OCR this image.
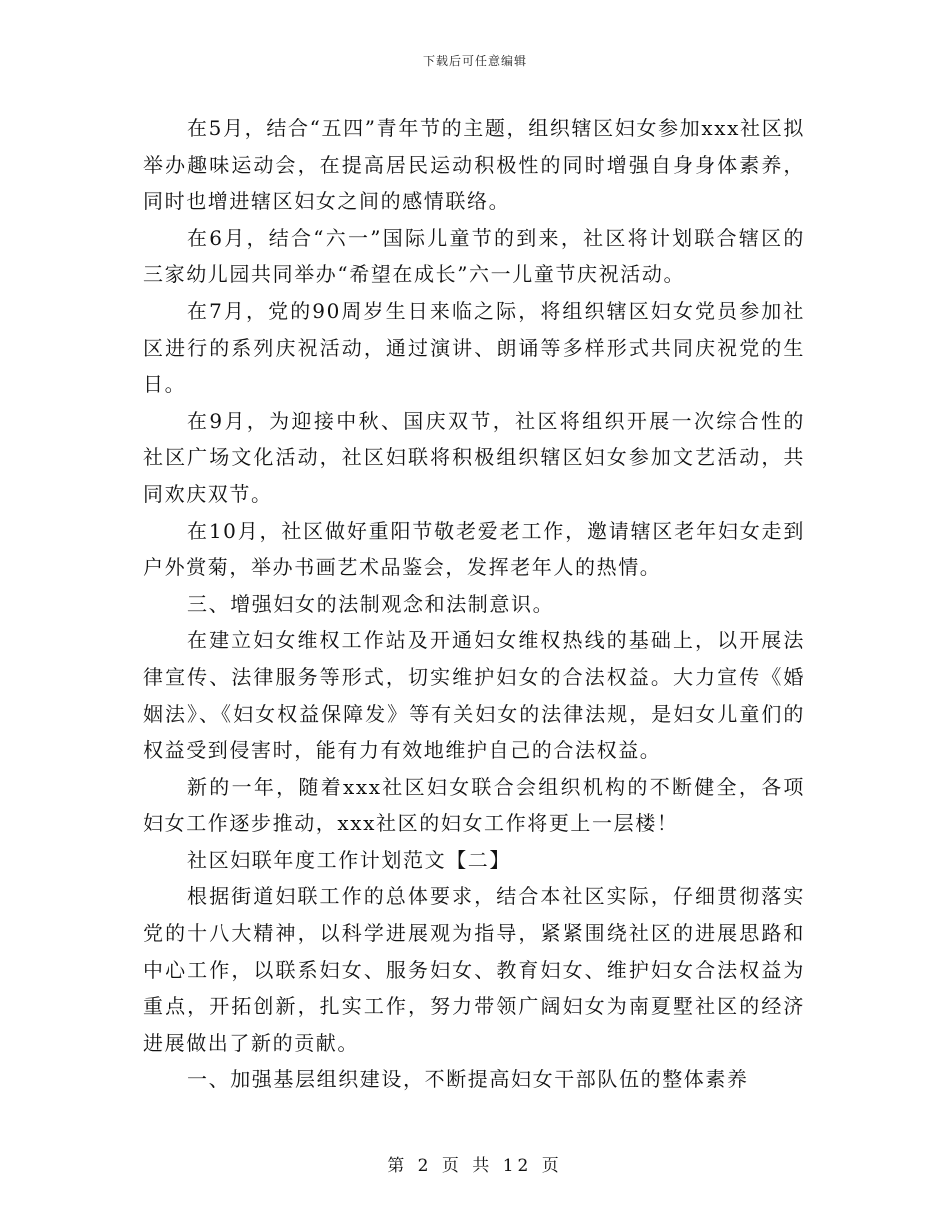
下载后可任意编辑

在5月，结合“五四”青年节的主题，组织辖区妇女参加xxx社区拟举办趣味运动会，在提高居民运动积极性的同时增强自身身体素养，同时也增进辖区妇女之间的感情联络。

在6月，结合“六一”国际儿童节的到来，社区将计划联合辖区的三家幼儿园共同举办“希望在成长”六一儿童节庆祝活动。

在7月，党的90周岁生日来临之际，将组织辖区妇女党员参加社区进行的系列庆祝活动，通过演讲、朗诵等多样形式共同庆祝党的生日。

在9月，为迎接中秋、国庆双节，社区将组织开展一次综合性的社区广场文化活动，社区妇联将积极组织辖区妇女参加文艺活动，共同欢庆双节。

在10月，社区做好重阳节敬老爱老工作，邀请辖区老年妇女走到户外赏菊，举办书画艺术品鉴会，发挥老年人的热情。

三、增强妇女的法制观念和法制意识。

在建立妇女维权工作站及开通妇女维权热线的基础上，以开展法律宣传、法律服务等形式，切实维护妇女的合法权益。大力宣传《婚姻法》、《妇女权益保障发》等有关妇女的法律法规，是妇女儿童们的权益受到侵害时，能有力有效地维护自己的合法权益。

新的一年，随着xxx社区妇女联合会组织机构的不断健全，各项妇女工作逐步推动，xxx社区的妇女工作将更上一层楼！

社区妇联年度工作计划范文【二】

根据街道妇联工作的总体要求，结合本社区实际，仔细贯彻落实党的十八大精神，以科学进展观为指导，紧紧围绕社区的进展思路和中心工作，以联系妇女、服务妇女、教育妇女、维护妇女合法权益为重点，开拓创新，扎实工作，努力带领广阔妇女为南夏墅社区的经济进展做出了新的贡献。

一、加强基层组织建设，不断提高妇女干部队伍的整体素养

第 2 页 共 12 页
